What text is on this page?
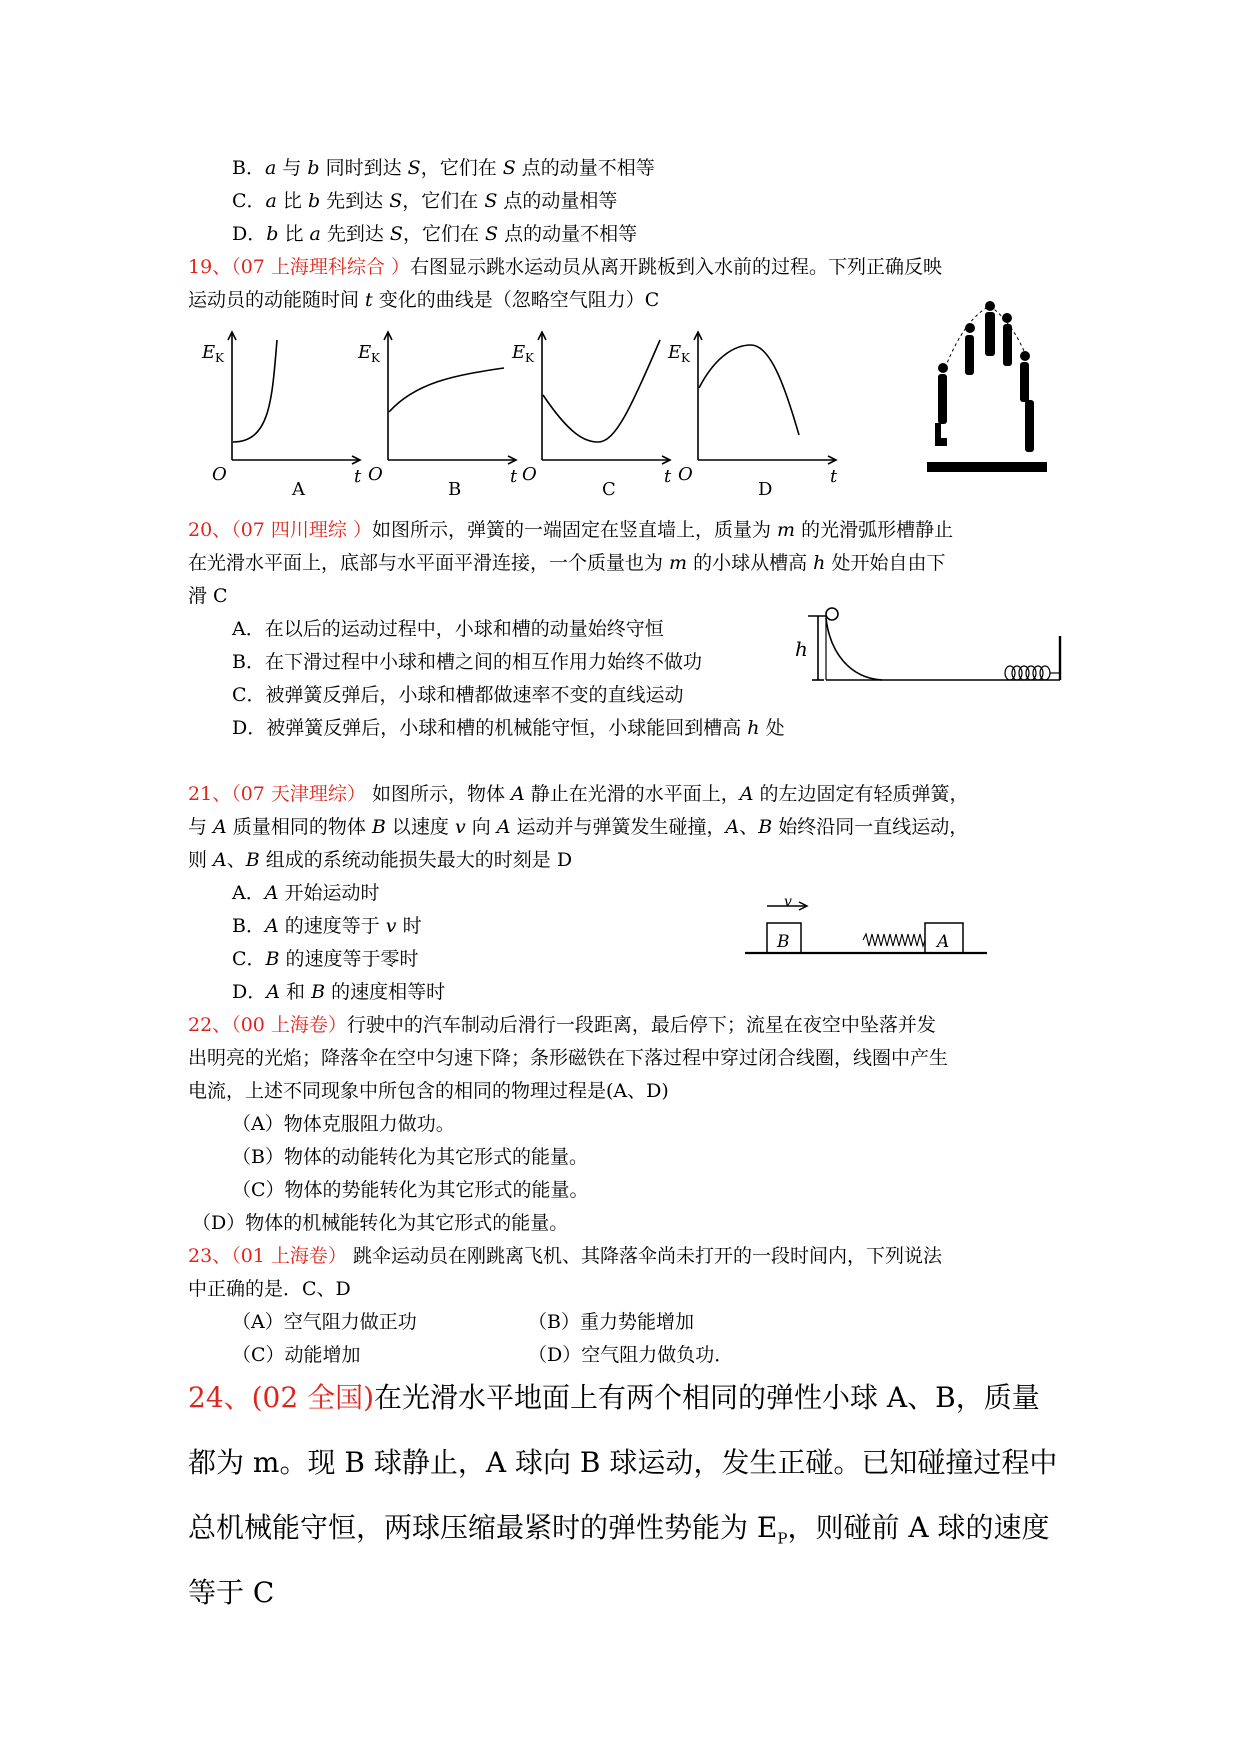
B．a 与 b 同时到达 S，它们在 S 点的动量不相等
C．a 比 b 先到达 S，它们在 S 点的动量相等
D．b 比 a 先到达 S，它们在 S 点的动量不相等
19、（07 上海理科综合 ）右图显示跳水运动员从离开跳板到入水前的过程。下列正确反映
运动员的动能随时间 t 变化的曲线是（忽略空气阻力）C
E K
O	t
A
E K
O	t
B
E K
O	t
C
E K
O	t
D
20、（07 四川理综 ）如图所示，弹簧的一端固定在竖直墙上，质量为 m 的光滑弧形槽静止
在光滑水平面上，底部与水平面平滑连接，一个质量也为 m 的小球从槽高 h 处开始自由下
滑 C
A．在以后的运动过程中，小球和槽的动量始终守恒
B．在下滑过程中小球和槽之间的相互作用力始终不做功
C．被弹簧反弹后，小球和槽都做速率不变的直线运动
D．被弹簧反弹后，小球和槽的机械能守恒，小球能回到槽高 h 处
h
21、（07 天津理综） 如图所示，物体 A 静止在光滑的水平面上，A 的左边固定有轻质弹簧，
与 A 质量相同的物体 B 以速度 v 向 A 运动并与弹簧发生碰撞，A、B 始终沿同一直线运动，
则 A、B 组成的系统动能损失最大的时刻是 D
A．A 开始运动时
B．A 的速度等于 v 时
C．B 的速度等于零时
D．A 和 B 的速度相等时
v
B	A
22、（00 上海卷）行驶中的汽车制动后滑行一段距离，最后停下；流星在夜空中坠落并发
出明亮的光焰；降落伞在空中匀速下降；条形磁铁在下落过程中穿过闭合线圈，线圈中产生
电流，上述不同现象中所包含的相同的物理过程是(A、D)
（A）物体克服阻力做功。
（B）物体的动能转化为其它形式的能量。
（C）物体的势能转化为其它形式的能量。
（D）物体的机械能转化为其它形式的能量。
23、（01 上海卷） 跳伞运动员在刚跳离飞机、其降落伞尚未打开的一段时间内，下列说法
中正确的是．C、D
（A）空气阻力做正功	（B）重力势能增加
（C）动能增加	（D）空气阻力做负功．
24、(02 全国)在光滑水平地面上有两个相同的弹性小球 A、B，质量
都为 m。现 B 球静止，A 球向 B 球运动，发生正碰。已知碰撞过程中
总机械能守恒，两球压缩最紧时的弹性势能为 $E_P$，则碰前 A 球的速度
等于 C
